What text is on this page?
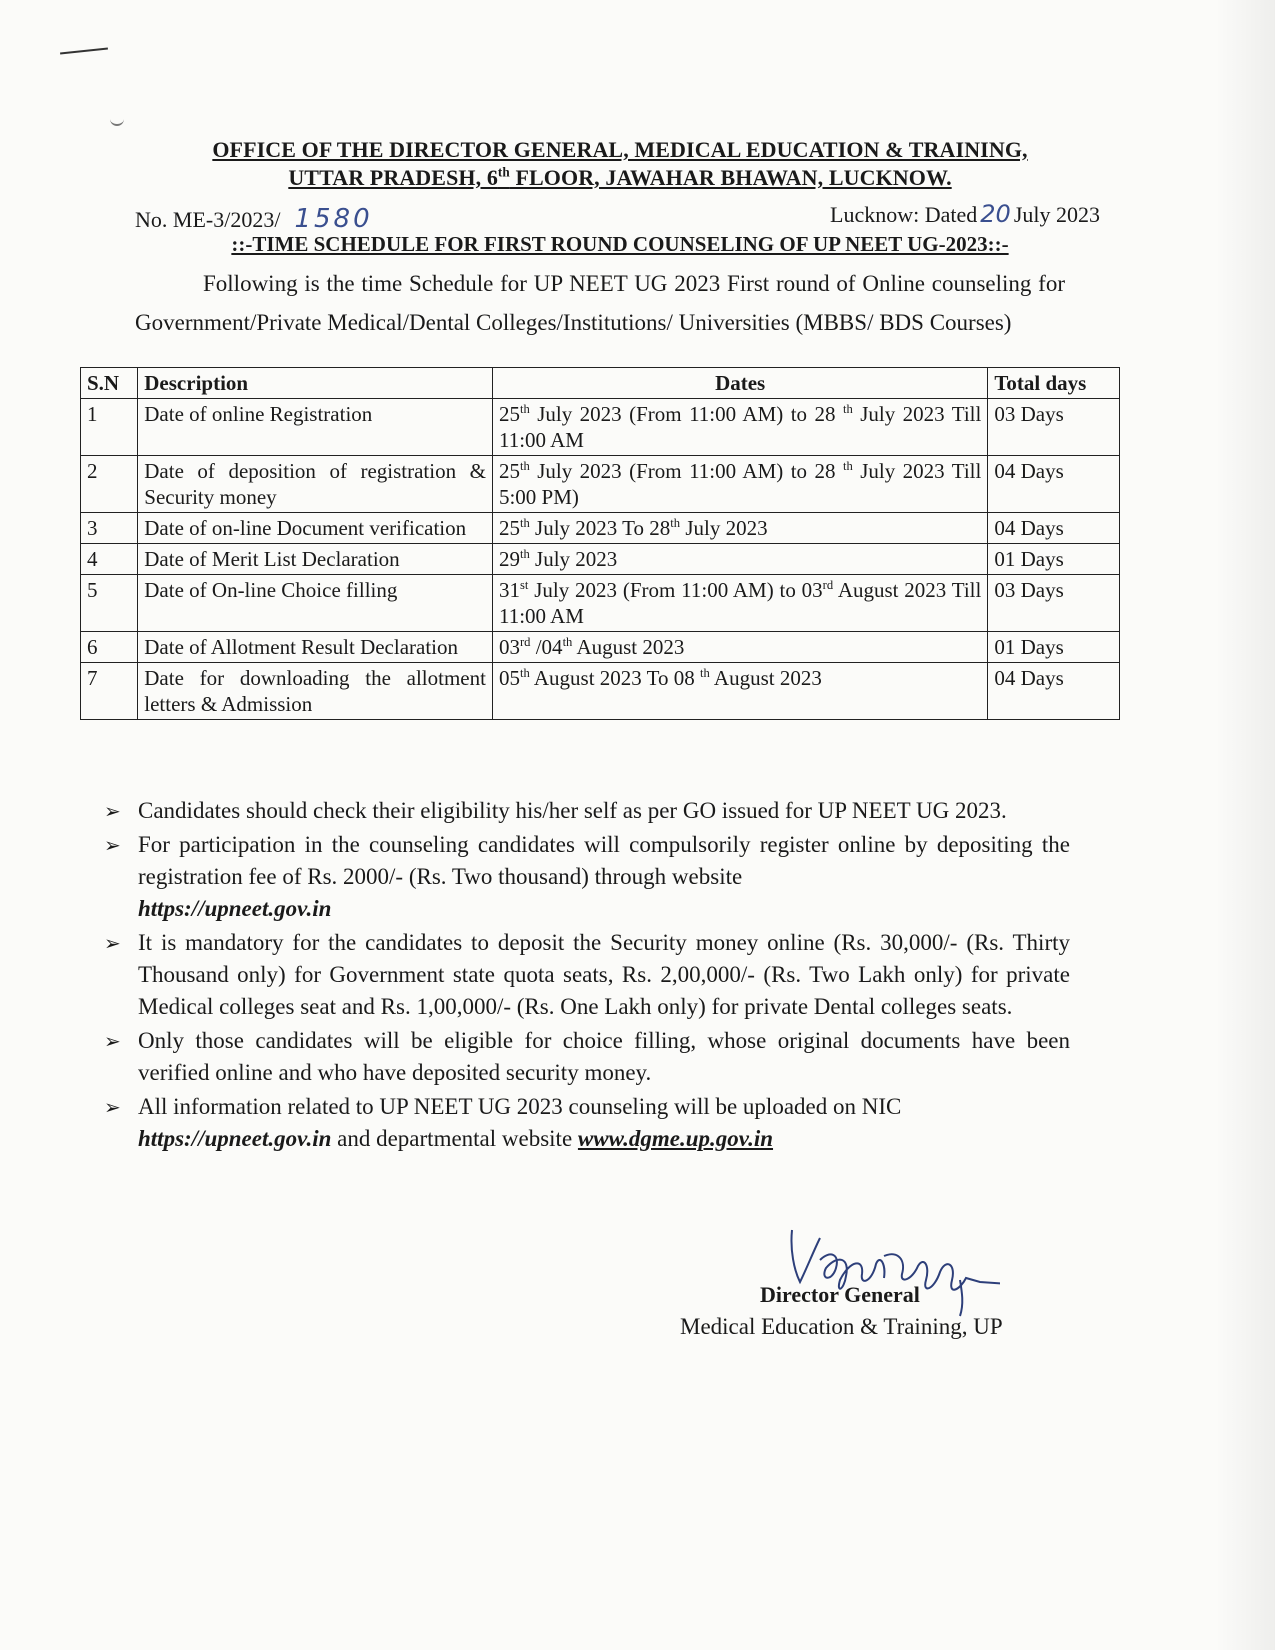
OFFICE OF THE DIRECTOR GENERAL, MEDICAL EDUCATION & TRAINING,
UTTAR PRADESH, 6th FLOOR, JAWAHAR BHAWAN, LUCKNOW.
No. ME-3/2023/ 1580	Lucknow: Dated 20 July 2023
::-TIME SCHEDULE FOR FIRST ROUND COUNSELING OF UP NEET UG-2023::-
Following is the time Schedule for UP NEET UG 2023 First round of Online counseling for Government/Private Medical/Dental Colleges/Institutions/ Universities (MBBS/ BDS Courses)
S.N	Description	Dates	Total days
1	Date of online Registration	25th July 2023 (From 11:00 AM) to 28 $^{th}$ July 2023 Till 11:00 AM	03 Days
2	Date of deposition of registration & Security money	25th July 2023 (From 11:00 AM) to 28 $^{th}$ July 2023 Till 5:00 PM)	04 Days
3	Date of on-line Document verification	25th July 2023 To 28th July 2023	04 Days
4	Date of Merit List Declaration	29th July 2023	01 Days
5	Date of On-line Choice filling	31st July 2023 (From 11:00 AM) to 03rd August 2023 Till 11:00 AM	03 Days
6	Date of Allotment Result Declaration	03rd /04th August 2023	01 Days
7	Date for downloading the allotment letters & Admission	05th August 2023 To 08 $^{th}$ August 2023	04 Days
➢ Candidates should check their eligibility his/her self as per GO issued for UP NEET UG 2023.
➢ For participation in the counseling candidates will compulsorily register online by depositing the registration fee of Rs. 2000/- (Rs. Two thousand) through website
https://upneet.gov.in
➢ It is mandatory for the candidates to deposit the Security money online (Rs. 30,000/- (Rs. Thirty Thousand only) for Government state quota seats, Rs. 2,00,000/- (Rs. Two Lakh only) for private Medical colleges seat and Rs. 1,00,000/- (Rs. One Lakh only) for private Dental colleges seats.
➢ Only those candidates will be eligible for choice filling, whose original documents have been verified online and who have deposited security money.
➢ All information related to UP NEET UG 2023 counseling will be uploaded on NIC
https://upneet.gov.in and departmental website www.dgme.up.gov.in
Director General
Medical Education & Training, UP
